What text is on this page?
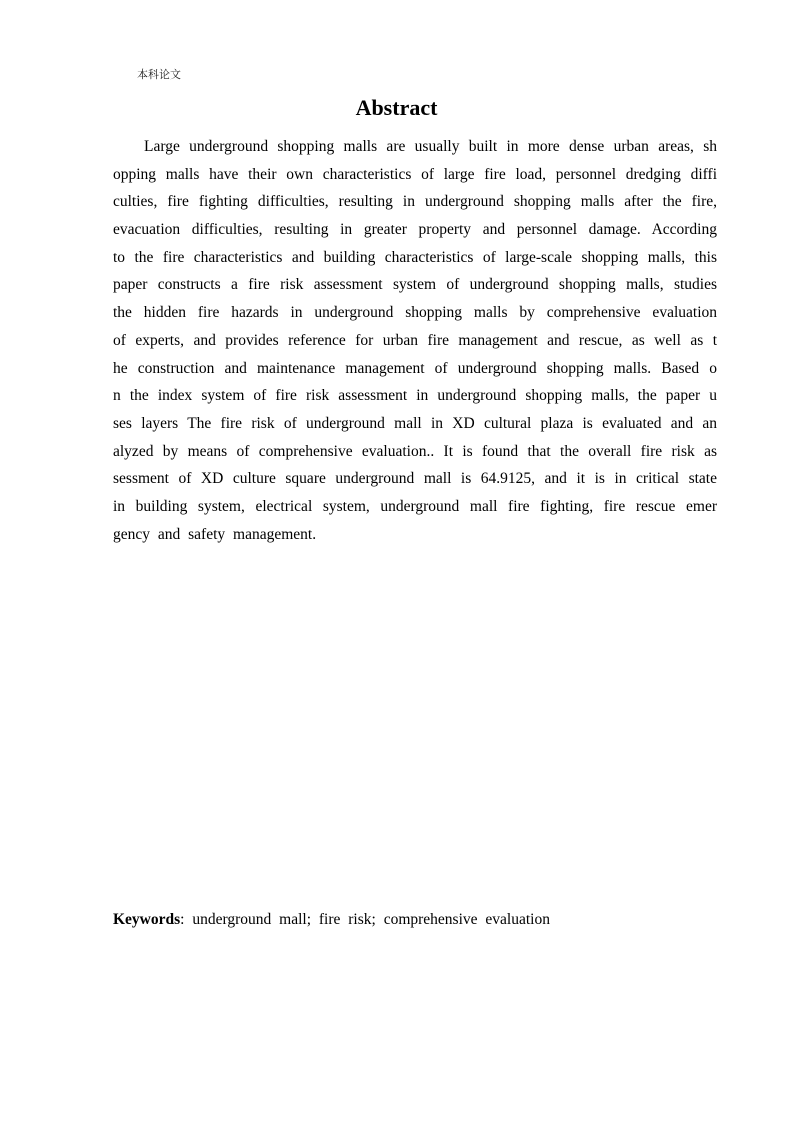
本科论文
Abstract
Large underground shopping malls are usually built in more dense urban areas, sh
opping malls have their own characteristics of large fire load, personnel dredging diffi
culties, fire fighting difficulties, resulting in underground shopping malls after the fire,
evacuation difficulties, resulting in greater property and personnel damage. According
to the fire characteristics and building characteristics of large-scale shopping malls, this
paper constructs a fire risk assessment system of underground shopping malls, studies
the hidden fire hazards in underground shopping malls by comprehensive evaluation
of experts, and provides reference for urban fire management and rescue, as well as t
he construction and maintenance management of underground shopping malls. Based o
n the index system of fire risk assessment in underground shopping malls, the paper u
ses layers The fire risk of underground mall in XD cultural plaza is evaluated and an
alyzed by means of comprehensive evaluation.. It is found that the overall fire risk as
sessment of XD culture square underground mall is 64.9125, and it is in critical state
in building system, electrical system, underground mall fire fighting, fire rescue emer
gency and safety management.
Keywords: underground mall; fire risk; comprehensive evaluation
